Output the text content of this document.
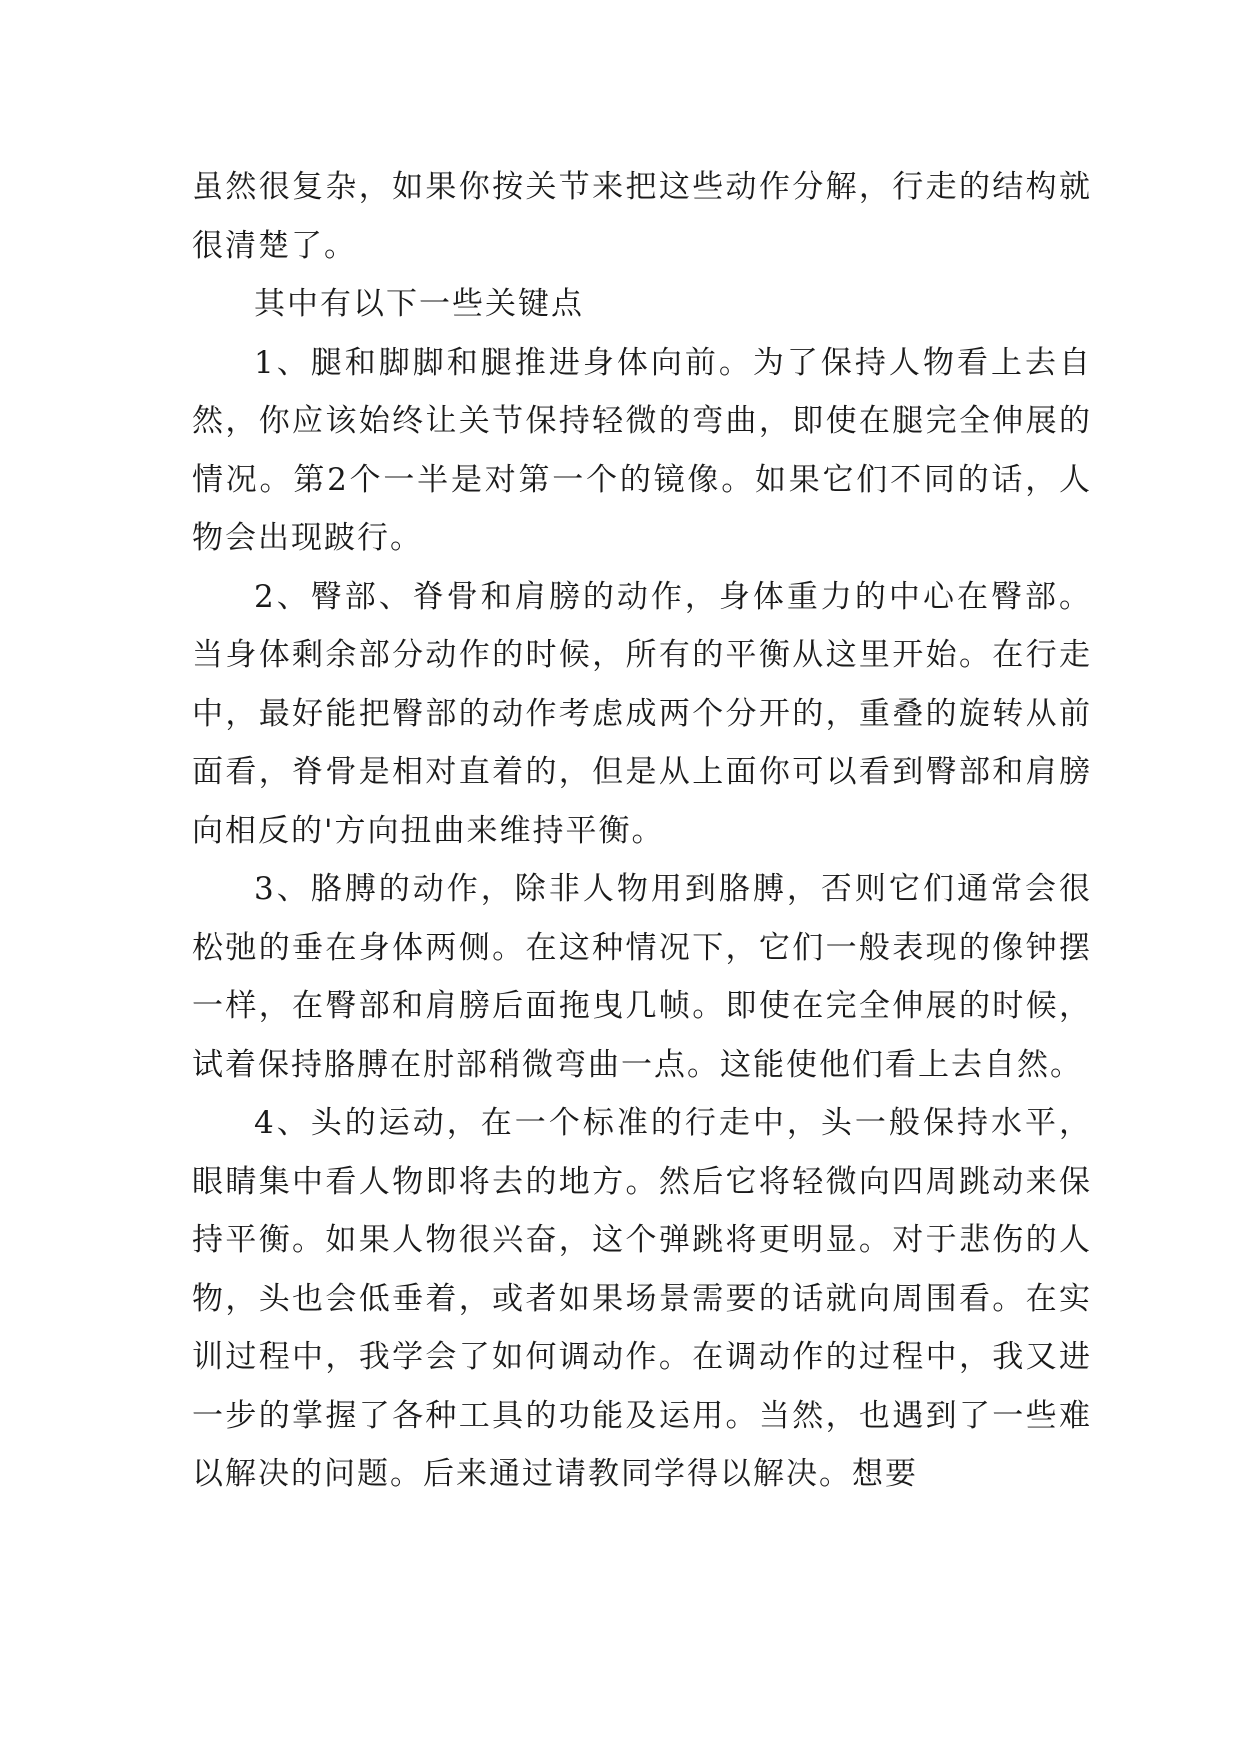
虽然很复杂，如果你按关节来把这些动作分解，行走的结构就很清楚了。

其中有以下一些关键点

1、腿和脚脚和腿推进身体向前。为了保持人物看上去自然，你应该始终让关节保持轻微的弯曲，即使在腿完全伸展的情况。第2个一半是对第一个的镜像。如果它们不同的话，人物会出现跛行。

2、臀部、脊骨和肩膀的动作，身体重力的中心在臀部。当身体剩余部分动作的时候，所有的平衡从这里开始。在行走中，最好能把臀部的动作考虑成两个分开的，重叠的旋转从前面看，脊骨是相对直着的，但是从上面你可以看到臀部和肩膀向相反的'方向扭曲来维持平衡。

3、胳膊的动作，除非人物用到胳膊，否则它们通常会很松弛的垂在身体两侧。在这种情况下，它们一般表现的像钟摆一样，在臀部和肩膀后面拖曳几帧。即使在完全伸展的时候，试着保持胳膊在肘部稍微弯曲一点。这能使他们看上去自然。

4、头的运动，在一个标准的行走中，头一般保持水平，眼睛集中看人物即将去的地方。然后它将轻微向四周跳动来保持平衡。如果人物很兴奋，这个弹跳将更明显。对于悲伤的人物，头也会低垂着，或者如果场景需要的话就向周围看。在实训过程中，我学会了如何调动作。在调动作的过程中，我又进一步的掌握了各种工具的功能及运用。当然，也遇到了一些难以解决的问题。后来通过请教同学得以解决。想要
